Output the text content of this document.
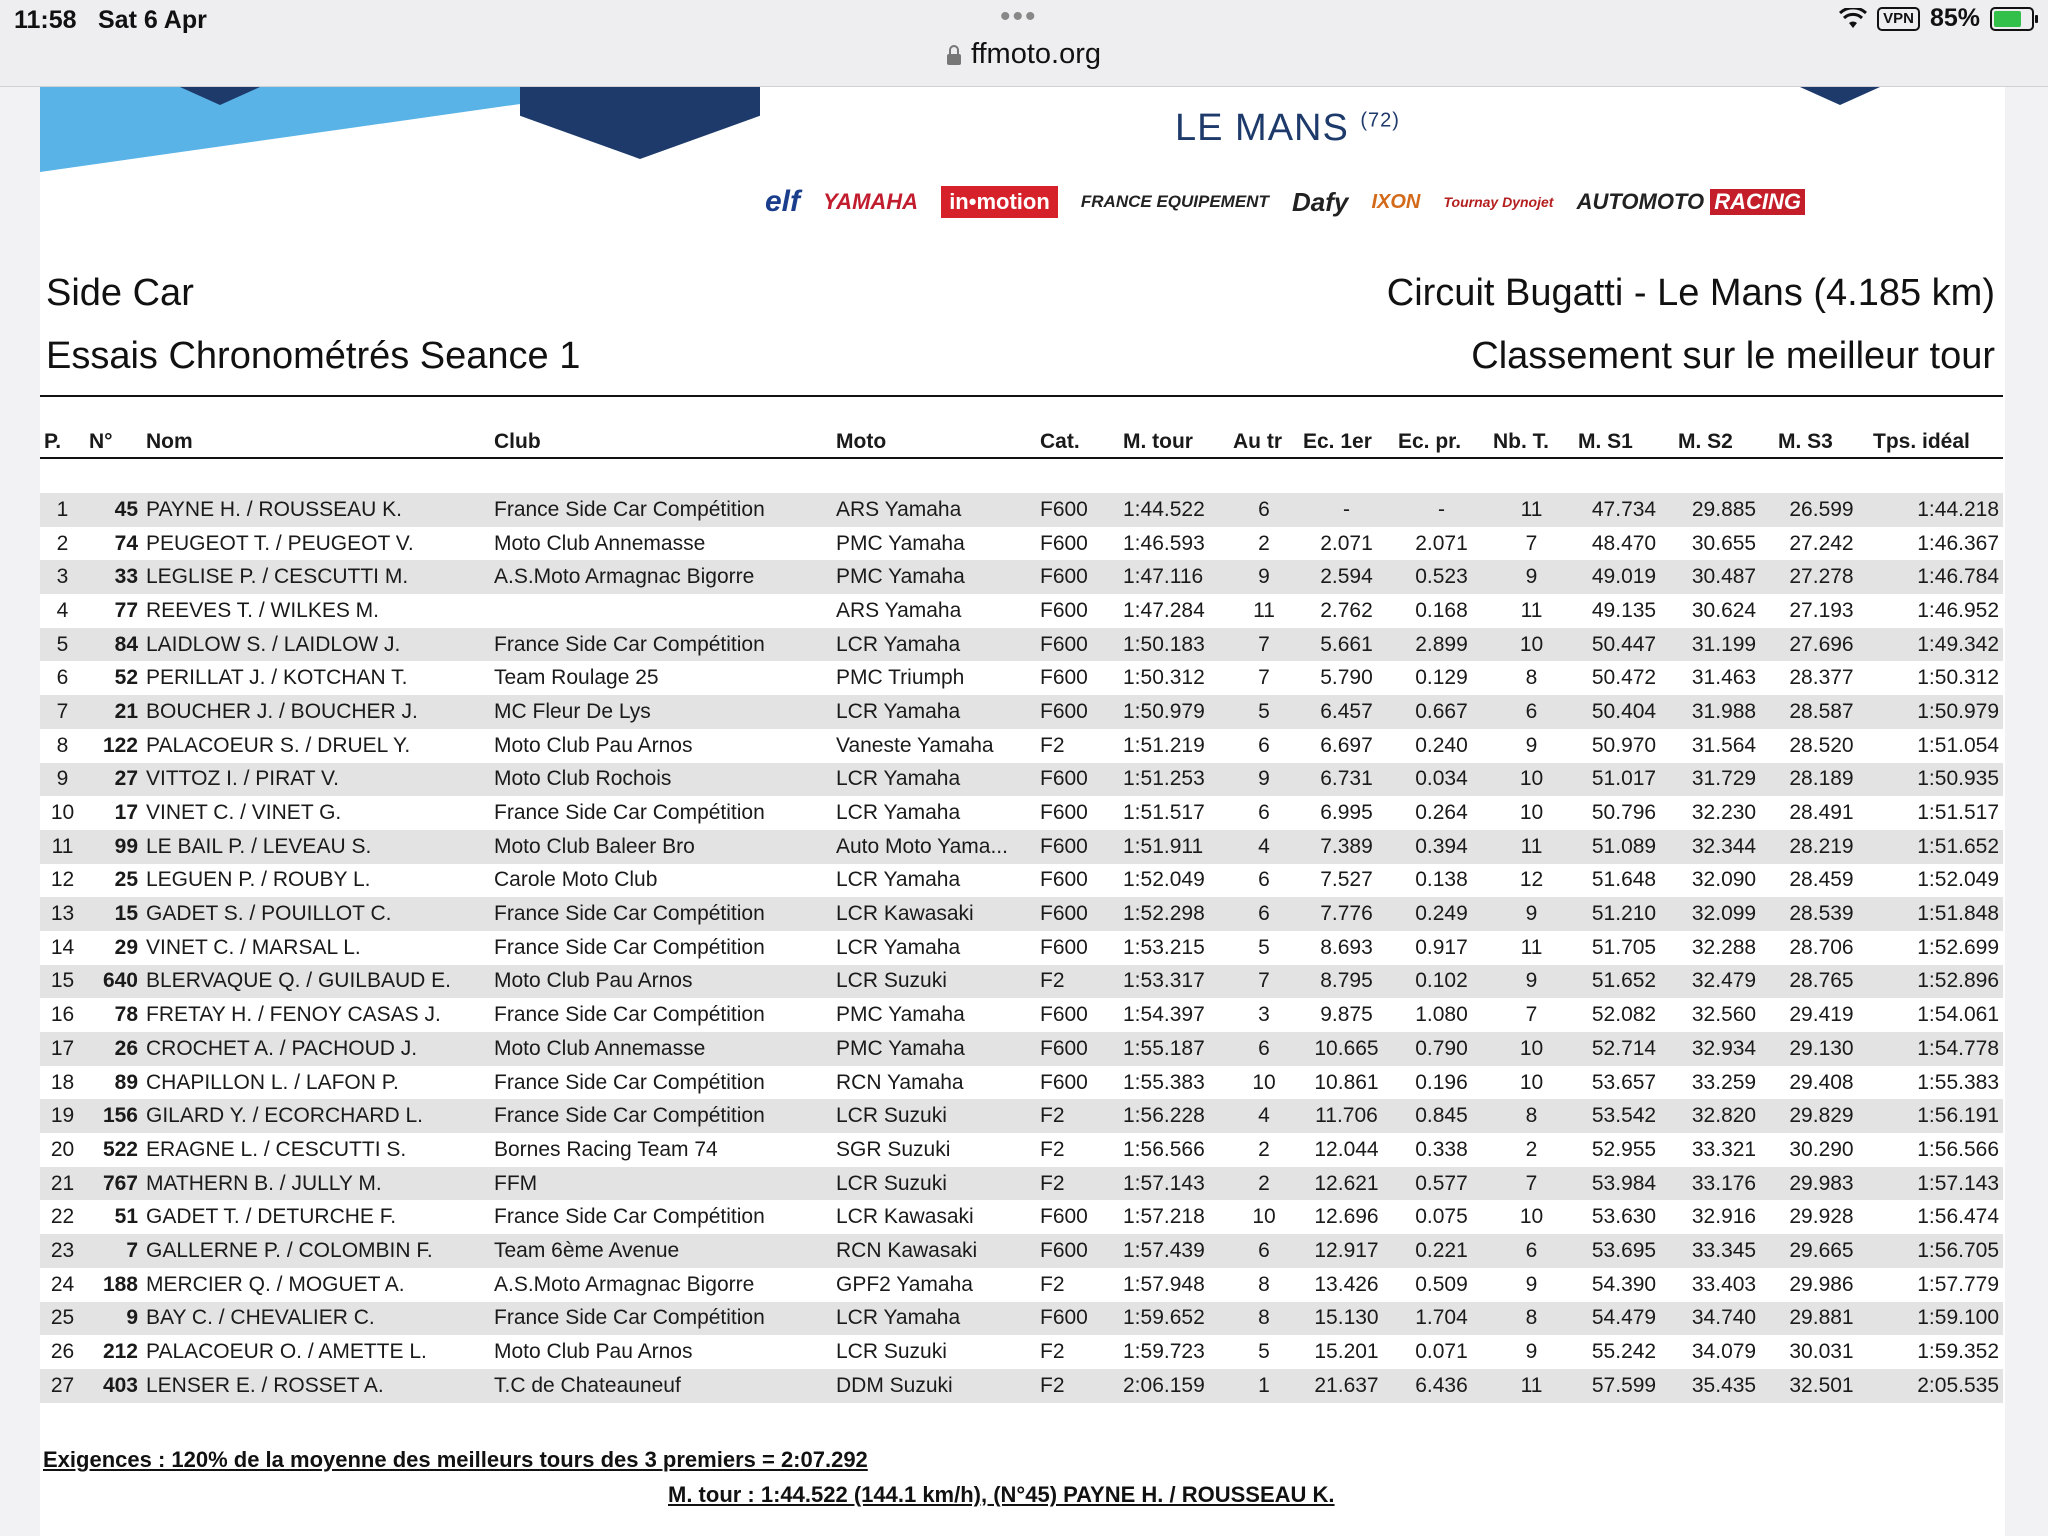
11:58 Sat 6 Apr	•••	VPN 85%
ffmoto.org
LE MANS $^{(72)}$
elf YAMAHA	in•motion	FRANCE EQUIPEMENT Dafy IXON Tournay Dynojet AUTOMOTO
RACING
Side Car
Essais Chronométrés Seance 1
Circuit Bugatti - Le Mans (4.185 km)
Classement sur le meilleur tour
P.	N°	Nom	Club	Moto	Cat.	M. tour	Au tr	Ec. 1er	Ec. pr.	Nb. T.	M. S1	M. S2	M. S3	Tps. idéal

1	45	PAYNE H. / ROUSSEAU K.	France Side Car Compétition	ARS Yamaha	F600	1:44.522	6	-	-	11	47.734	29.885	26.599	1:44.218
2	74	PEUGEOT T. / PEUGEOT V.	Moto Club Annemasse	PMC Yamaha	F600	1:46.593	2	2.071	2.071	7	48.470	30.655	27.242	1:46.367
3	33	LEGLISE P. / CESCUTTI M.	A.S.Moto Armagnac Bigorre	PMC Yamaha	F600	1:47.116	9	2.594	0.523	9	49.019	30.487	27.278	1:46.784
4	77	REEVES T. / WILKES M.		ARS Yamaha	F600	1:47.284	11	2.762	0.168	11	49.135	30.624	27.193	1:46.952
5	84	LAIDLOW S. / LAIDLOW J.	France Side Car Compétition	LCR Yamaha	F600	1:50.183	7	5.661	2.899	10	50.447	31.199	27.696	1:49.342
6	52	PERILLAT J. / KOTCHAN T.	Team Roulage 25	PMC Triumph	F600	1:50.312	7	5.790	0.129	8	50.472	31.463	28.377	1:50.312
7	21	BOUCHER J. / BOUCHER J.	MC Fleur De Lys	LCR Yamaha	F600	1:50.979	5	6.457	0.667	6	50.404	31.988	28.587	1:50.979
8	122	PALACOEUR S. / DRUEL Y.	Moto Club Pau Arnos	Vaneste Yamaha	F2	1:51.219	6	6.697	0.240	9	50.970	31.564	28.520	1:51.054
9	27	VITTOZ I. / PIRAT V.	Moto Club Rochois	LCR Yamaha	F600	1:51.253	9	6.731	0.034	10	51.017	31.729	28.189	1:50.935
10	17	VINET C. / VINET G.	France Side Car Compétition	LCR Yamaha	F600	1:51.517	6	6.995	0.264	10	50.796	32.230	28.491	1:51.517
11	99	LE BAIL P. / LEVEAU S.	Moto Club Baleer Bro	Auto Moto Yama...	F600	1:51.911	4	7.389	0.394	11	51.089	32.344	28.219	1:51.652
12	25	LEGUEN P. / ROUBY L.	Carole Moto Club	LCR Yamaha	F600	1:52.049	6	7.527	0.138	12	51.648	32.090	28.459	1:52.049
13	15	GADET S. / POUILLOT C.	France Side Car Compétition	LCR Kawasaki	F600	1:52.298	6	7.776	0.249	9	51.210	32.099	28.539	1:51.848
14	29	VINET C. / MARSAL L.	France Side Car Compétition	LCR Yamaha	F600	1:53.215	5	8.693	0.917	11	51.705	32.288	28.706	1:52.699
15	640	BLERVAQUE Q. / GUILBAUD E.	Moto Club Pau Arnos	LCR Suzuki	F2	1:53.317	7	8.795	0.102	9	51.652	32.479	28.765	1:52.896
16	78	FRETAY H. / FENOY CASAS J.	France Side Car Compétition	PMC Yamaha	F600	1:54.397	3	9.875	1.080	7	52.082	32.560	29.419	1:54.061
17	26	CROCHET A. / PACHOUD J.	Moto Club Annemasse	PMC Yamaha	F600	1:55.187	6	10.665	0.790	10	52.714	32.934	29.130	1:54.778
18	89	CHAPILLON L. / LAFON P.	France Side Car Compétition	RCN Yamaha	F600	1:55.383	10	10.861	0.196	10	53.657	33.259	29.408	1:55.383
19	156	GILARD Y. / ECORCHARD L.	France Side Car Compétition	LCR Suzuki	F2	1:56.228	4	11.706	0.845	8	53.542	32.820	29.829	1:56.191
20	522	ERAGNE L. / CESCUTTI S.	Bornes Racing Team 74	SGR Suzuki	F2	1:56.566	2	12.044	0.338	2	52.955	33.321	30.290	1:56.566
21	767	MATHERN B. / JULLY M.	FFM	LCR Suzuki	F2	1:57.143	2	12.621	0.577	7	53.984	33.176	29.983	1:57.143
22	51	GADET T. / DETURCHE F.	France Side Car Compétition	LCR Kawasaki	F600	1:57.218	10	12.696	0.075	10	53.630	32.916	29.928	1:56.474
23	7	GALLERNE P. / COLOMBIN F.	Team 6ème Avenue	RCN Kawasaki	F600	1:57.439	6	12.917	0.221	6	53.695	33.345	29.665	1:56.705
24	188	MERCIER Q. / MOGUET A.	A.S.Moto Armagnac Bigorre	GPF2 Yamaha	F2	1:57.948	8	13.426	0.509	9	54.390	33.403	29.986	1:57.779
25	9	BAY C. / CHEVALIER C.	France Side Car Compétition	LCR Yamaha	F600	1:59.652	8	15.130	1.704	8	54.479	34.740	29.881	1:59.100
26	212	PALACOEUR O. / AMETTE L.	Moto Club Pau Arnos	LCR Suzuki	F2	1:59.723	5	15.201	0.071	9	55.242	34.079	30.031	1:59.352
27	403	LENSER E. / ROSSET A.	T.C de Chateauneuf	DDM Suzuki	F2	2:06.159	1	21.637	6.436	11	57.599	35.435	32.501	2:05.535
Exigences : 120% de la moyenne des meilleurs tours des 3 premiers = 2:07.292
M. tour : 1:44.522 (144.1 km/h), (N°45) PAYNE H. / ROUSSEAU K.
